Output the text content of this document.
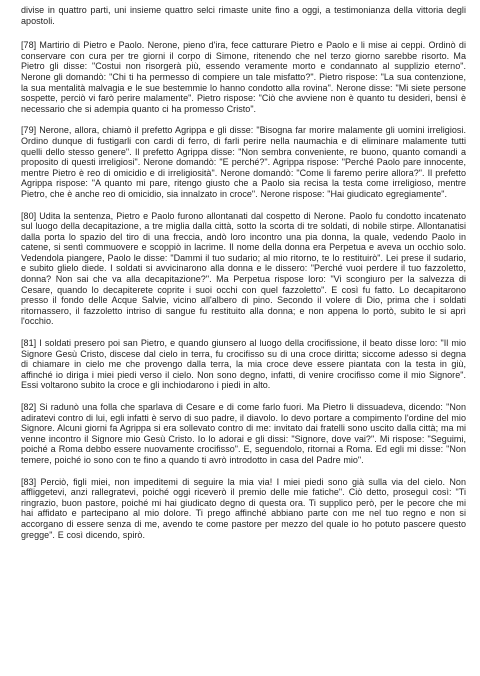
divise in quattro parti, uni insieme quattro selci rimaste unite fino a oggi, a testimonianza della vittoria degli apostoli.

[78] Martirio di Pietro e Paolo. Nerone, pieno d'ira, fece catturare Pietro e Paolo e li mise ai ceppi. Ordinò di conservare con cura per tre giorni il corpo di Simone, ritenendo che nel terzo giorno sarebbe risorto. Ma Pietro gli disse: "Costui non risorgerà più, essendo veramente morto e condannato al supplizio eterno". Nerone gli domandò: "Chi ti ha permesso di compiere un tale misfatto?". Pietro rispose: "La sua contenzione, la sua mentalità malvagia e le sue bestemmie lo hanno condotto alla rovina". Nerone disse: "Mi siete persone sospette, perciò vi farò perire malamente". Pietro rispose: "Ciò che avviene non è quanto tu desideri, bensì è necessario che si adempia quanto ci ha promesso Cristo".

[79] Nerone, allora, chiamò il prefetto Agrippa e gli disse: "Bisogna far morire malamente gli uomini irreligiosi. Ordino dunque di fustigarli con cardi di ferro, di farli perire nella naumachia e di eliminare malamente tutti quelli dello stesso genere". Il prefetto Agrippa disse: "Non sembra conveniente, re buono, quanto comandi a proposito di questi irreligiosi". Nerone domandò: "E perché?". Agrippa rispose: "Perché Paolo pare innocente, mentre Pietro è reo di omicidio e di irreligiosità". Nerone domandò: "Come li faremo perire allora?". Il prefetto Agrippa rispose: "A quanto mi pare, ritengo giusto che a Paolo sia recisa la testa come irreligioso, mentre Pietro, che è anche reo di omicidio, sia innalzato in croce". Nerone rispose: "Hai giudicato egregiamente".

[80] Udita la sentenza, Pietro e Paolo furono allontanati dal cospetto di Nerone. Paolo fu condotto incatenato sul luogo della decapitazione, a tre miglia dalla città, sotto la scorta di tre soldati, di nobile stirpe. Allontanatisi dalla porta lo spazio del tiro di una freccia, andò loro incontro una pia donna, la quale, vedendo Paolo in catene, si sentì commuovere e scoppiò in lacrime. Il nome della donna era Perpetua e aveva un occhio solo. Vedendola piangere, Paolo le disse: "Dammi il tuo sudario; al mio ritorno, te lo restituirò". Lei prese il sudario, e subito glielo diede. I soldati si avvicinarono alla donna e le dissero: "Perché vuoi perdere il tuo fazzoletto, donna? Non sai che va alla decapitazione?". Ma Perpetua rispose loro: "Vi scongiuro per la salvezza di Cesare, quando lo decapiterete coprite i suoi occhi con quel fazzoletto". E così fu fatto. Lo decapitarono presso il fondo delle Acque Salvie, vicino all'albero di pino. Secondo il volere di Dio, prima che i soldati ritornassero, il fazzoletto intriso di sangue fu restituito alla donna; e non appena lo portò, subito le si aprì l'occhio.

[81] I soldati presero poi san Pietro, e quando giunsero al luogo della crocifissione, il beato disse loro: "Il mio Signore Gesù Cristo, discese dal cielo in terra, fu crocifisso su di una croce diritta; siccome adesso si degna di chiamare in cielo me che provengo dalla terra, la mia croce deve essere piantata con la testa in giù, affinché io diriga i miei piedi verso il cielo. Non sono degno, infatti, di venire crocifisso come il mio Signore". Essi voltarono subito la croce e gli inchiodarono i piedi in alto.

[82] Si radunò una folla che sparlava di Cesare e di come farlo fuori. Ma Pietro li dissuadeva, dicendo: "Non adiratevi contro di lui, egli infatti è servo di suo padre, il diavolo. Io devo portare a compimento l'ordine del mio Signore. Alcuni giorni fa Agrippa si era sollevato contro di me: invitato dai fratelli sono uscito dalla città; ma mi venne incontro il Signore mio Gesù Cristo. Io lo adorai e gli dissi: "Signore, dove vai?". Mi rispose: "Seguimi, poiché a Roma debbo essere nuovamente crocifisso". E, seguendolo, ritornai a Roma. Ed egli mi disse: "Non temere, poiché io sono con te fino a quando ti avrò introdotto in casa del Padre mio".

[83] Perciò, figli miei, non impeditemi di seguire la mia via! I miei piedi sono già sulla via del cielo. Non affliggetevi, anzi rallegratevi, poiché oggi riceverò il premio delle mie fatiche". Ciò detto, proseguì così: "Ti ringrazio, buon pastore, poiché mi hai giudicato degno di questa ora. Ti supplico però, per le pecore che mi hai affidato e partecipano al mio dolore. Ti prego affinché abbiano parte con me nel tuo regno e non si accorgano di essere senza di me, avendo te come pastore per mezzo del quale io ho potuto pascere questo gregge". E così dicendo, spirò.
